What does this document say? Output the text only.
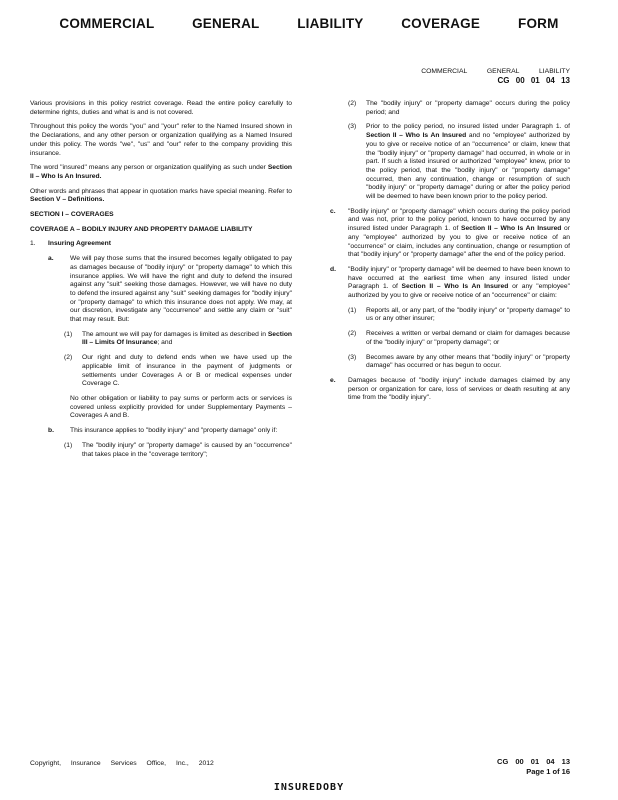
COMMERCIAL GENERAL LIABILITY COVERAGE FORM
COMMERCIAL GENERAL LIABILITY
CG 00 01 04 13

Various provisions in this policy restrict coverage. Read the entire policy carefully to determine rights, duties and what is and is not covered.

Throughout this policy the words "you" and "your" refer to the Named Insured shown in the Declarations, and any other person or organization qualifying as a Named Insured under this policy. The words "we", "us" and "our" refer to the company providing this insurance.

The word "insured" means any person or organization qualifying as such under Section II – Who Is An Insured.

Other words and phrases that appear in quotation marks have special meaning. Refer to Section V – Definitions.

SECTION I – COVERAGES
COVERAGE A – BODILY INJURY AND PROPERTY DAMAGE LIABILITY
1. Insuring Agreement
a. We will pay those sums that the insured becomes legally obligated to pay as damages because of "bodily injury" or "property damage" to which this insurance applies. We will have the right and duty to defend the insured against any "suit" seeking those damages. However, we will have no duty to defend the insured against any "suit" seeking damages for "bodily injury" or "property damage" to which this insurance does not apply. We may, at our discretion, investigate any "occurrence" and settle any claim or "suit" that may result. But:
(1) The amount we will pay for damages is limited as described in Section III – Limits Of Insurance; and
(2) Our right and duty to defend ends when we have used up the applicable limit of insurance in the payment of judgments or settlements under Coverages A or B or medical expenses under Coverage C.
No other obligation or liability to pay sums or perform acts or services is covered unless explicitly provided for under Supplementary Payments – Coverages A and B.
b. This insurance applies to "bodily injury" and "property damage" only if:
(1) The "bodily injury" or "property damage" is caused by an "occurrence" that takes place in the "coverage territory";
(2) The "bodily injury" or "property damage" occurs during the policy period; and
(3) Prior to the policy period, no insured listed under Paragraph 1. of Section II – Who Is An Insured and no "employee" authorized by you to give or receive notice of an "occurrence" or claim, knew that the "bodily injury" or "property damage" had occurred, in whole or in part. If such a listed insured or authorized "employee" knew, prior to the policy period, that the "bodily injury" or "property damage" occurred, then any continuation, change or resumption of such "bodily injury" or "property damage" during or after the policy period will be deemed to have been known prior to the policy period.
c. "Bodily injury" or "property damage" which occurs during the policy period and was not, prior to the policy period, known to have occurred by any insured listed under Paragraph 1. of Section II – Who Is An Insured or any "employee" authorized by you to give or receive notice of an "occurrence" or claim, includes any continuation, change or resumption of that "bodily injury" or "property damage" after the end of the policy period.
d. "Bodily injury" or "property damage" will be deemed to have been known to have occurred at the earliest time when any insured listed under Paragraph 1. of Section II – Who Is An Insured or any "employee" authorized by you to give or receive notice of an "occurrence" or claim:
(1) Reports all, or any part, of the "bodily injury" or "property damage" to us or any other insurer;
(2) Receives a written or verbal demand or claim for damages because of the "bodily injury" or "property damage"; or
(3) Becomes aware by any other means that "bodily injury" or "property damage" has occurred or has begun to occur.
e. Damages because of "bodily injury" include damages claimed by any person or organization for care, loss of services or death resulting at any time from the "bodily injury".
Copyright, Insurance Services Office, Inc., 2012	CG 00 01 04 13
Page 1 of 16
INSUREDOBY
